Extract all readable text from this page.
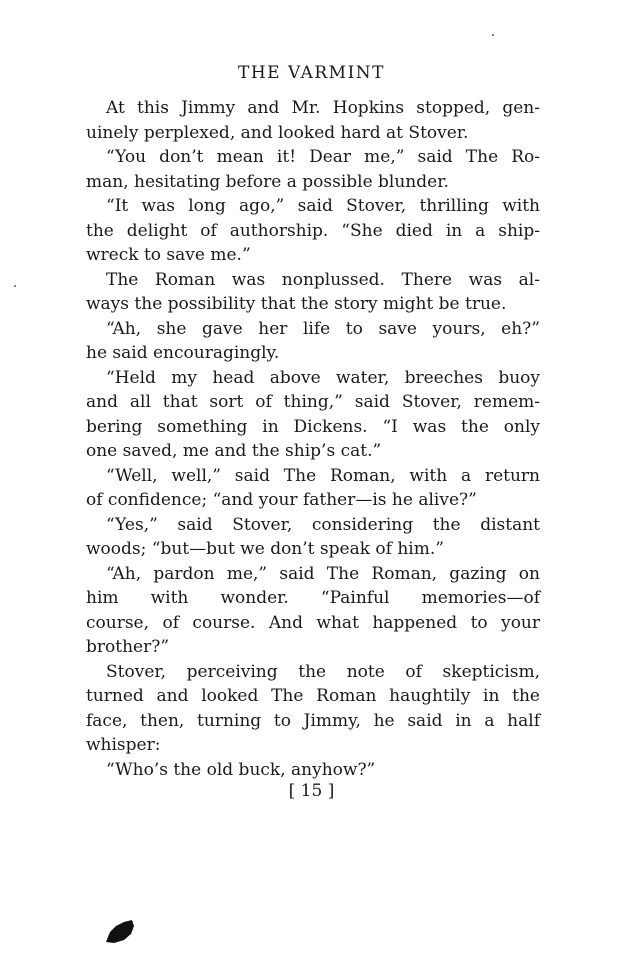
THE VARMINT
At this Jimmy and Mr. Hopkins stopped, gen-
uinely perplexed, and looked hard at Stover.
“You don’t mean it! Dear me,” said The Ro-
man, hesitating before a possible blunder.
“It was long ago,” said Stover, thrilling with
the delight of authorship. “She died in a ship-
wreck to save me.”
The Roman was nonplussed. There was al-
ways the possibility that the story might be true.
“Ah, she gave her life to save yours, eh?”
he said encouragingly.
“Held my head above water, breeches buoy
and all that sort of thing,” said Stover, remem-
bering something in Dickens. “I was the only
one saved, me and the ship’s cat.”
“Well, well,” said The Roman, with a return
of confidence; “and your father—is he alive?”
“Yes,” said Stover, considering the distant
woods; “but—but we don’t speak of him.”
“Ah, pardon me,” said The Roman, gazing on
him with wonder. “Painful memories—of
course, of course. And what happened to your
brother?”
Stover, perceiving the note of skepticism,
turned and looked The Roman haughtily in the
face, then, turning to Jimmy, he said in a half
whisper:
“Who’s the old buck, anyhow?”
[ 15 ]
